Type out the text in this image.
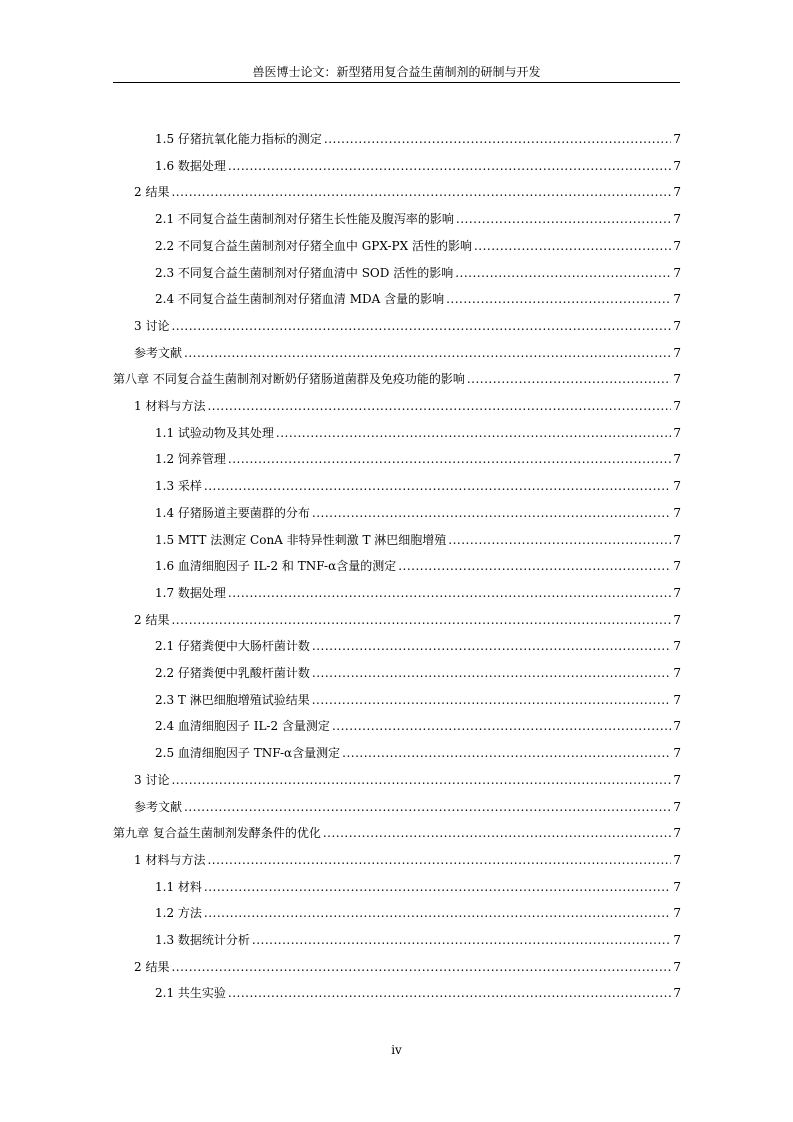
兽医博士论文：新型猪用复合益生菌制剂的研制与开发
1.5 仔猪抗氧化能力指标的测定 .....	7
1.6 数据处理 .....	7
2 结果 .....	7
2.1 不同复合益生菌制剂对仔猪生长性能及腹泻率的影响 .....	7
2.2 不同复合益生菌制剂对仔猪全血中 GPX-PX 活性的影响 .....	7
2.3 不同复合益生菌制剂对仔猪血清中 SOD 活性的影响 .....	7
2.4 不同复合益生菌制剂对仔猪血清 MDA 含量的影响 .....	7
3 讨论 .....	7
参考文献 .....	7
第八章 不同复合益生菌制剂对断奶仔猪肠道菌群及免疫功能的影响 .....	7
1 材料与方法 .....	7
1.1 试验动物及其处理 .....	7
1.2 饲养管理 .....	7
1.3 采样 .....	7
1.4 仔猪肠道主要菌群的分布 .....	7
1.5 MTT 法测定 ConA 非特异性刺激 T 淋巴细胞增殖 .....	7
1.6 血清细胞因子 IL-2 和 TNF-α含量的测定 .....	7
1.7 数据处理 .....	7
2 结果 .....	7
2.1 仔猪粪便中大肠杆菌计数 .....	7
2.2 仔猪粪便中乳酸杆菌计数 .....	7
2.3 T 淋巴细胞增殖试验结果 .....	7
2.4 血清细胞因子 IL-2 含量测定 .....	7
2.5 血清细胞因子 TNF-α含量测定 .....	7
3 讨论 .....	7
参考文献 .....	7
第九章 复合益生菌制剂发酵条件的优化 .....	7
1 材料与方法 .....	7
1.1 材料 .....	7
1.2 方法 .....	7
1.3 数据统计分析 .....	7
2 结果 .....	7
2.1 共生实验 .....	7
iv
